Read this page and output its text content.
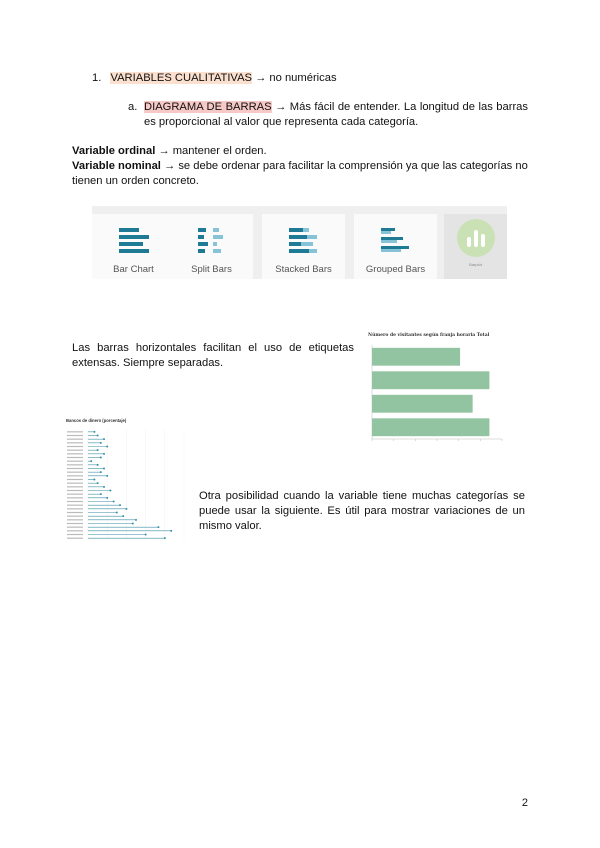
1. VARIABLES CUALITATIVAS → no numéricas
a. DIAGRAMA DE BARRAS → Más fácil de entender. La longitud de las barras es proporcional al valor que representa cada categoría.
Variable ordinal → mantener el orden.
Variable nominal → se debe ordenar para facilitar la comprensión ya que las categorías no tienen un orden concreto.
Bar Chart	Split Bars	Stacked Bars	Grouped Bars	Barplot
Las barras horizontales facilitan el uso de etiquetas extensas. Siempre separadas.
Número de visitantes según franja horaria Total
Bancos de dinero (porcentaje)
Otra posibilidad cuando la variable tiene muchas categorías se puede usar la siguiente. Es útil para mostrar variaciones de un mismo valor.
2
